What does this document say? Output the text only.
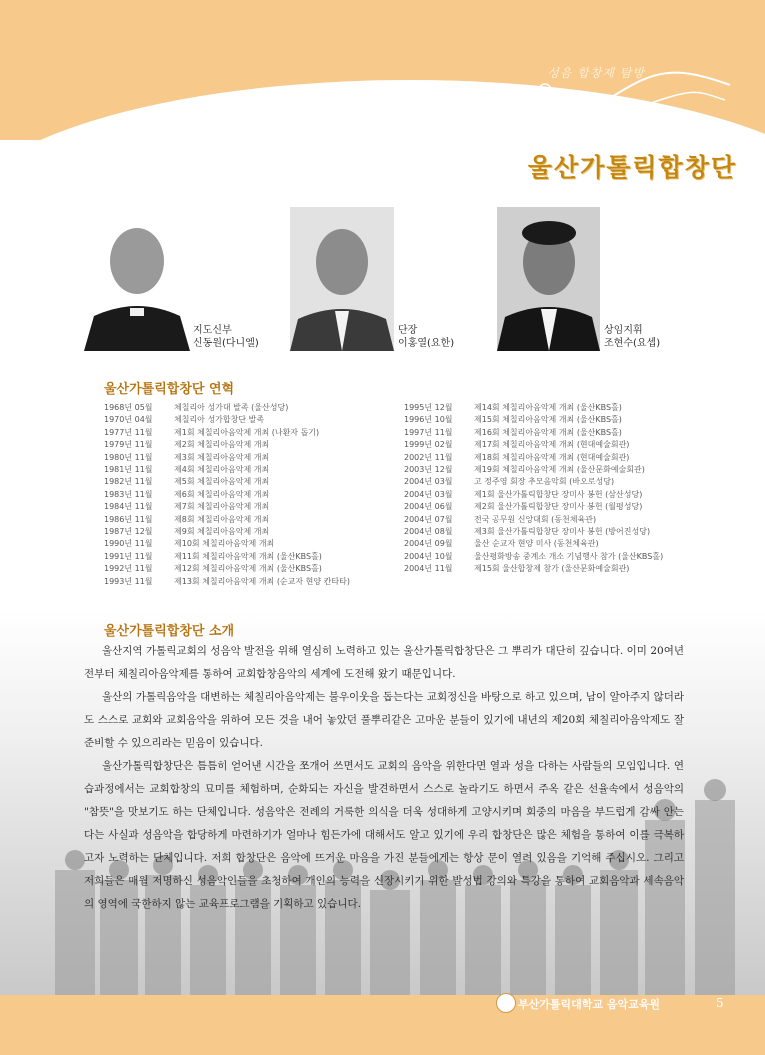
성음 합창제 탐방
울산가톨릭합창단
지도신부
신동원(다니엘)
단장
이홍열(요한)
상임지휘
조현수(요셉)
울산가톨릭합창단 연혁
1968년 05월	체칠리아 성가대 발족 (울산성당)
1970년 04월	체칠리아 성가합창단 발족
1977년 11월	제1회 체칠리아음악제 개최 (나환자 돕기)
1979년 11월	제2회 체칠리아음악제 개최
1980년 11월	제3회 체칠리아음악제 개최
1981년 11월	제4회 체칠리아음악제 개최
1982년 11월	제5회 체칠리아음악제 개최
1983년 11월	제6회 체칠리아음악제 개최
1984년 11월	제7회 체칠리아음악제 개최
1986년 11월	제8회 체칠리아음악제 개최
1987년 12월	제9회 체칠리아음악제 개최
1990년 11월	제10회 체칠리아음악제 개최
1991년 11월	제11회 체칠리아음악제 개최 (울산KBS홀)
1992년 11월	제12회 체칠리아음악제 개최 (울산KBS홀)
1993년 11월	제13회 체칠리아음악제 개최 (순교자 현양 칸타타)
1995년 12월	제14회 체칠리아음악제 개최 (울산KBS홀)
1996년 10월	제15회 체칠리아음악제 개최 (울산KBS홀)
1997년 11월	제16회 체칠리아음악제 개최 (울산KBS홀)
1999년 02월	제17회 체칠리아음악제 개최 (현대예술회관)
2002년 11월	제18회 체칠리아음악제 개최 (현대예술회관)
2003년 12월	제19회 체칠리아음악제 개최 (울산문화예술회관)
2004년 03월	고 정주영 회장 추모음악회 (바오로성당)
2004년 03월	제1회 울산가톨릭합창단 장미사 봉헌 (삼산성당)
2004년 06월	제2회 울산가톨릭합창단 장미사 봉헌 (월평성당)
2004년 07월	전국 공무원 신앙대회 (동천체육관)
2004년 08월	제3회 울산가톨릭합창단 장미사 봉헌 (방어진성당)
2004년 09월	울산 순교자 현양 미사 (동천체육관)
2004년 10월	울산평화방송 중계소 개소 기념행사 참가 (울산KBS홀)
2004년 11월	제15회 울산합창제 참가 (울산문화예술회관)
울산가톨릭합창단 소개

울산지역 가톨릭교회의 성음악 발전을 위해 열심히 노력하고 있는 울산가톨릭합창단은 그 뿌리가 대단히 깊습니다. 이미 20여년 전부터 체칠리아음악제를 통하여 교회합창음악의 세계에 도전해 왔기 때문입니다.

울산의 가톨릭음악을 대변하는 체칠리아음악제는 불우이웃을 돕는다는 교회정신을 바탕으로 하고 있으며, 남이 알아주지 않더라도 스스로 교회와 교회음악을 위하여 모든 것을 내어 놓았던 풀뿌리같은 고마운 분들이 있기에 내년의 제20회 체칠리아음악제도 잘 준비할 수 있으리라는 믿음이 있습니다.

울산가톨릭합창단은 틈틈히 얻어낸 시간을 쪼개어 쓰면서도 교회의 음악을 위한다면 열과 성을 다하는 사람들의 모임입니다. 연습과정에서는 교회합창의 묘미를 체험하며, 순화되는 자신을 발견하면서 스스로 놀라기도 하면서 주옥 같은 선율속에서 성음악의 "참뜻"을 맛보기도 하는 단체입니다. 성음악은 전례의 거룩한 의식을 더욱 성대하게 고양시키며 회중의 마음을 부드럽게 감싸 안는다는 사실과 성음악을 합당하게 마련하기가 얼마나 힘든가에 대해서도 알고 있기에 우리 합창단은 많은 체험을 통하여 이를 극복하고자 노력하는 단체입니다. 저희 합창단은 음악에 뜨거운 마음을 가진 분들에게는 항상 문이 열려 있음을 기억해 주십시오. 그리고 저희들은 매월 저명하신 성음악인들을 초청하여 개인의 능력을 신장시키기 위한 발성법 강의와 특강을 통하여 교회음악과 세속음악의 영역에 국한하지 않는 교육프로그램을 기획하고 있습니다.

부산가톨릭대학교 음악교육원	5
